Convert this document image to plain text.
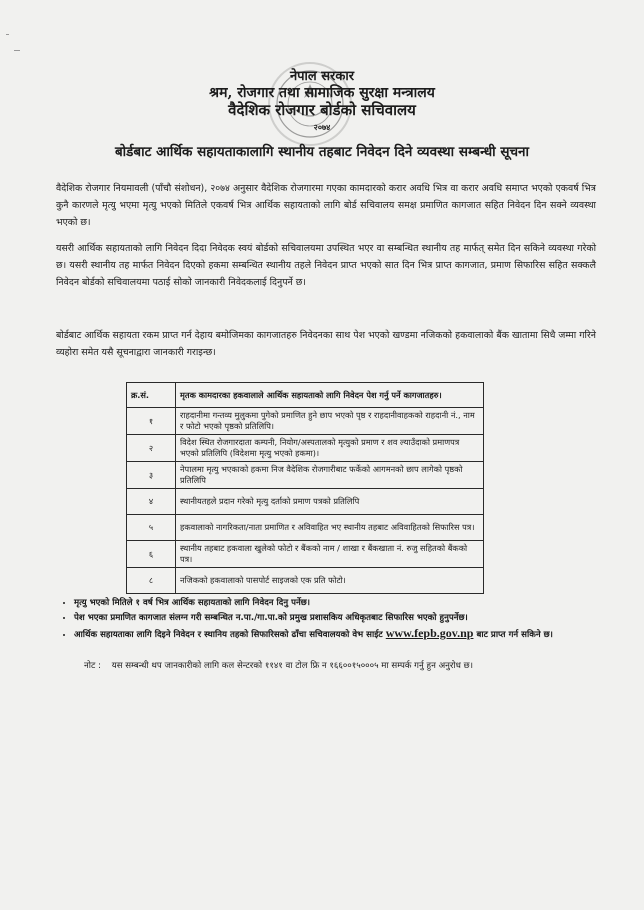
नेपाल सरकार
श्रम, रोजगार तथा सामाजिक सुरक्षा मन्त्रालय
वैदेशिक रोजगार बोर्डको सचिवालय
२०७४
बोर्डबाट आर्थिक सहायताकालागि स्थानीय तहबाट निवेदन दिने व्यवस्था सम्बन्धी सूचना
वैदेशिक रोजगार नियमावली (पाँचौ संशोधन), २०७४ अनुसार वैदेशिक रोजगारमा गएका कामदारको करार अवधि भित्र वा करार अवधि समाप्त भएको एकवर्ष भित्र कुनै कारणले मृत्यु भएमा मृत्यु भएको मितिले एकवर्ष भित्र आर्थिक सहायताको लागि बोर्ड सचिवालय समक्ष प्रमाणित कागजात सहित निवेदन दिन सक्ने व्यवस्था भएको छ।
यसरी आर्थिक सहायताको लागि निवेदन दिदा निवेदक स्वयं बोर्डको सचिवालयमा उपस्थित भएर वा सम्बन्धित स्थानीय तह मार्फत् समेत दिन सकिने व्यवस्था गरेको छ। यसरी स्थानीय तह मार्फत निवेदन दिएको हकमा सम्बन्धित स्थानीय तहले निवेदन प्राप्त भएको सात दिन भित्र प्राप्त कागजात, प्रमाण सिफारिस सहित सक्कलै निवेदन बोर्डको सचिवालयमा पठाई सोको जानकारी निवेदकलाई दिनुपर्ने छ।
बोर्डबाट आर्थिक सहायता रकम प्राप्त गर्न देहाय बमोजिमका कागजातहरु निवेदनका साथ पेश भएको खण्डमा नजिकको हकवालाको बैंक खातामा सिधै जम्मा गरिने व्यहोरा समेत यसै सूचनाद्वारा जानकारी गराइन्छ।
क्र.सं.	मृतक कामदारका हकवालाले आर्थिक सहायताको लागि निवेदन पेश गर्नु पर्ने कागजातहरु।
१	राहदानीमा गन्तव्य मुलुकमा पुगेको प्रमाणित हुने छाप भएको पृष्ठ र राहदानीवाहकको राहदानी नं., नाम र फोटो भएको पृष्ठको प्रतिलिपि।
२	विदेश स्थित रोजगारदाता कम्पनी, नियोग/अस्पतालको मृत्युको प्रमाण र शव ल्याउँदाको प्रमाणपत्र भएको प्रतिलिपि (विदेशमा मृत्यु भएको हकमा)।
३	नेपालमा मृत्यु भएकाको हकमा निज वैदेशिक रोजगारीबाट फर्केको आगमनको छाप लागेको पृष्ठको प्रतिलिपि
४	स्थानीयतहले प्रदान गरेको मृत्यु दर्ताको प्रमाण पत्रको प्रतिलिपि
५	हकवालाको नागरिकता/नाता प्रमाणित र अविवाहित भए स्थानीय तहबाट अविवाहितको सिफारिस पत्र।
६	स्थानीय तहबाट हकवाला खुलेको फोटो र बैंकको नाम / शाखा र बैंकखाता नं. रुजु सहितको बैंकको पत्र।
८	नजिकको हकवालाको पासपोर्ट साइजको एक प्रति फोटो।
• मृत्यु भएको मितिले १ वर्ष भित्र आर्थिक सहायताको लागि निवेदन दिनु पर्नेछ।
• पेश भएका प्रमाणित कागजात संलग्न गरी सम्बन्धित न.पा./गा.पा.को प्रमुख प्रशासकिय अधिकृतबाट सिफारिस भएको हुनुपर्नेछ।
• आर्थिक सहायताका लागि दिइने निवेदन र स्थानिय तहको सिफारिसको ढाँचा सचिवालयको वेभ साईट www.fepb.gov.np बाट प्राप्त गर्न सकिने छ।
नोट : यस सम्बन्धी थप जानकारीको लागि कल सेन्टरको ११४१ वा टोल फ्रि न १६६००१५०००५ मा सम्पर्क गर्नु हुन अनुरोध छ।
